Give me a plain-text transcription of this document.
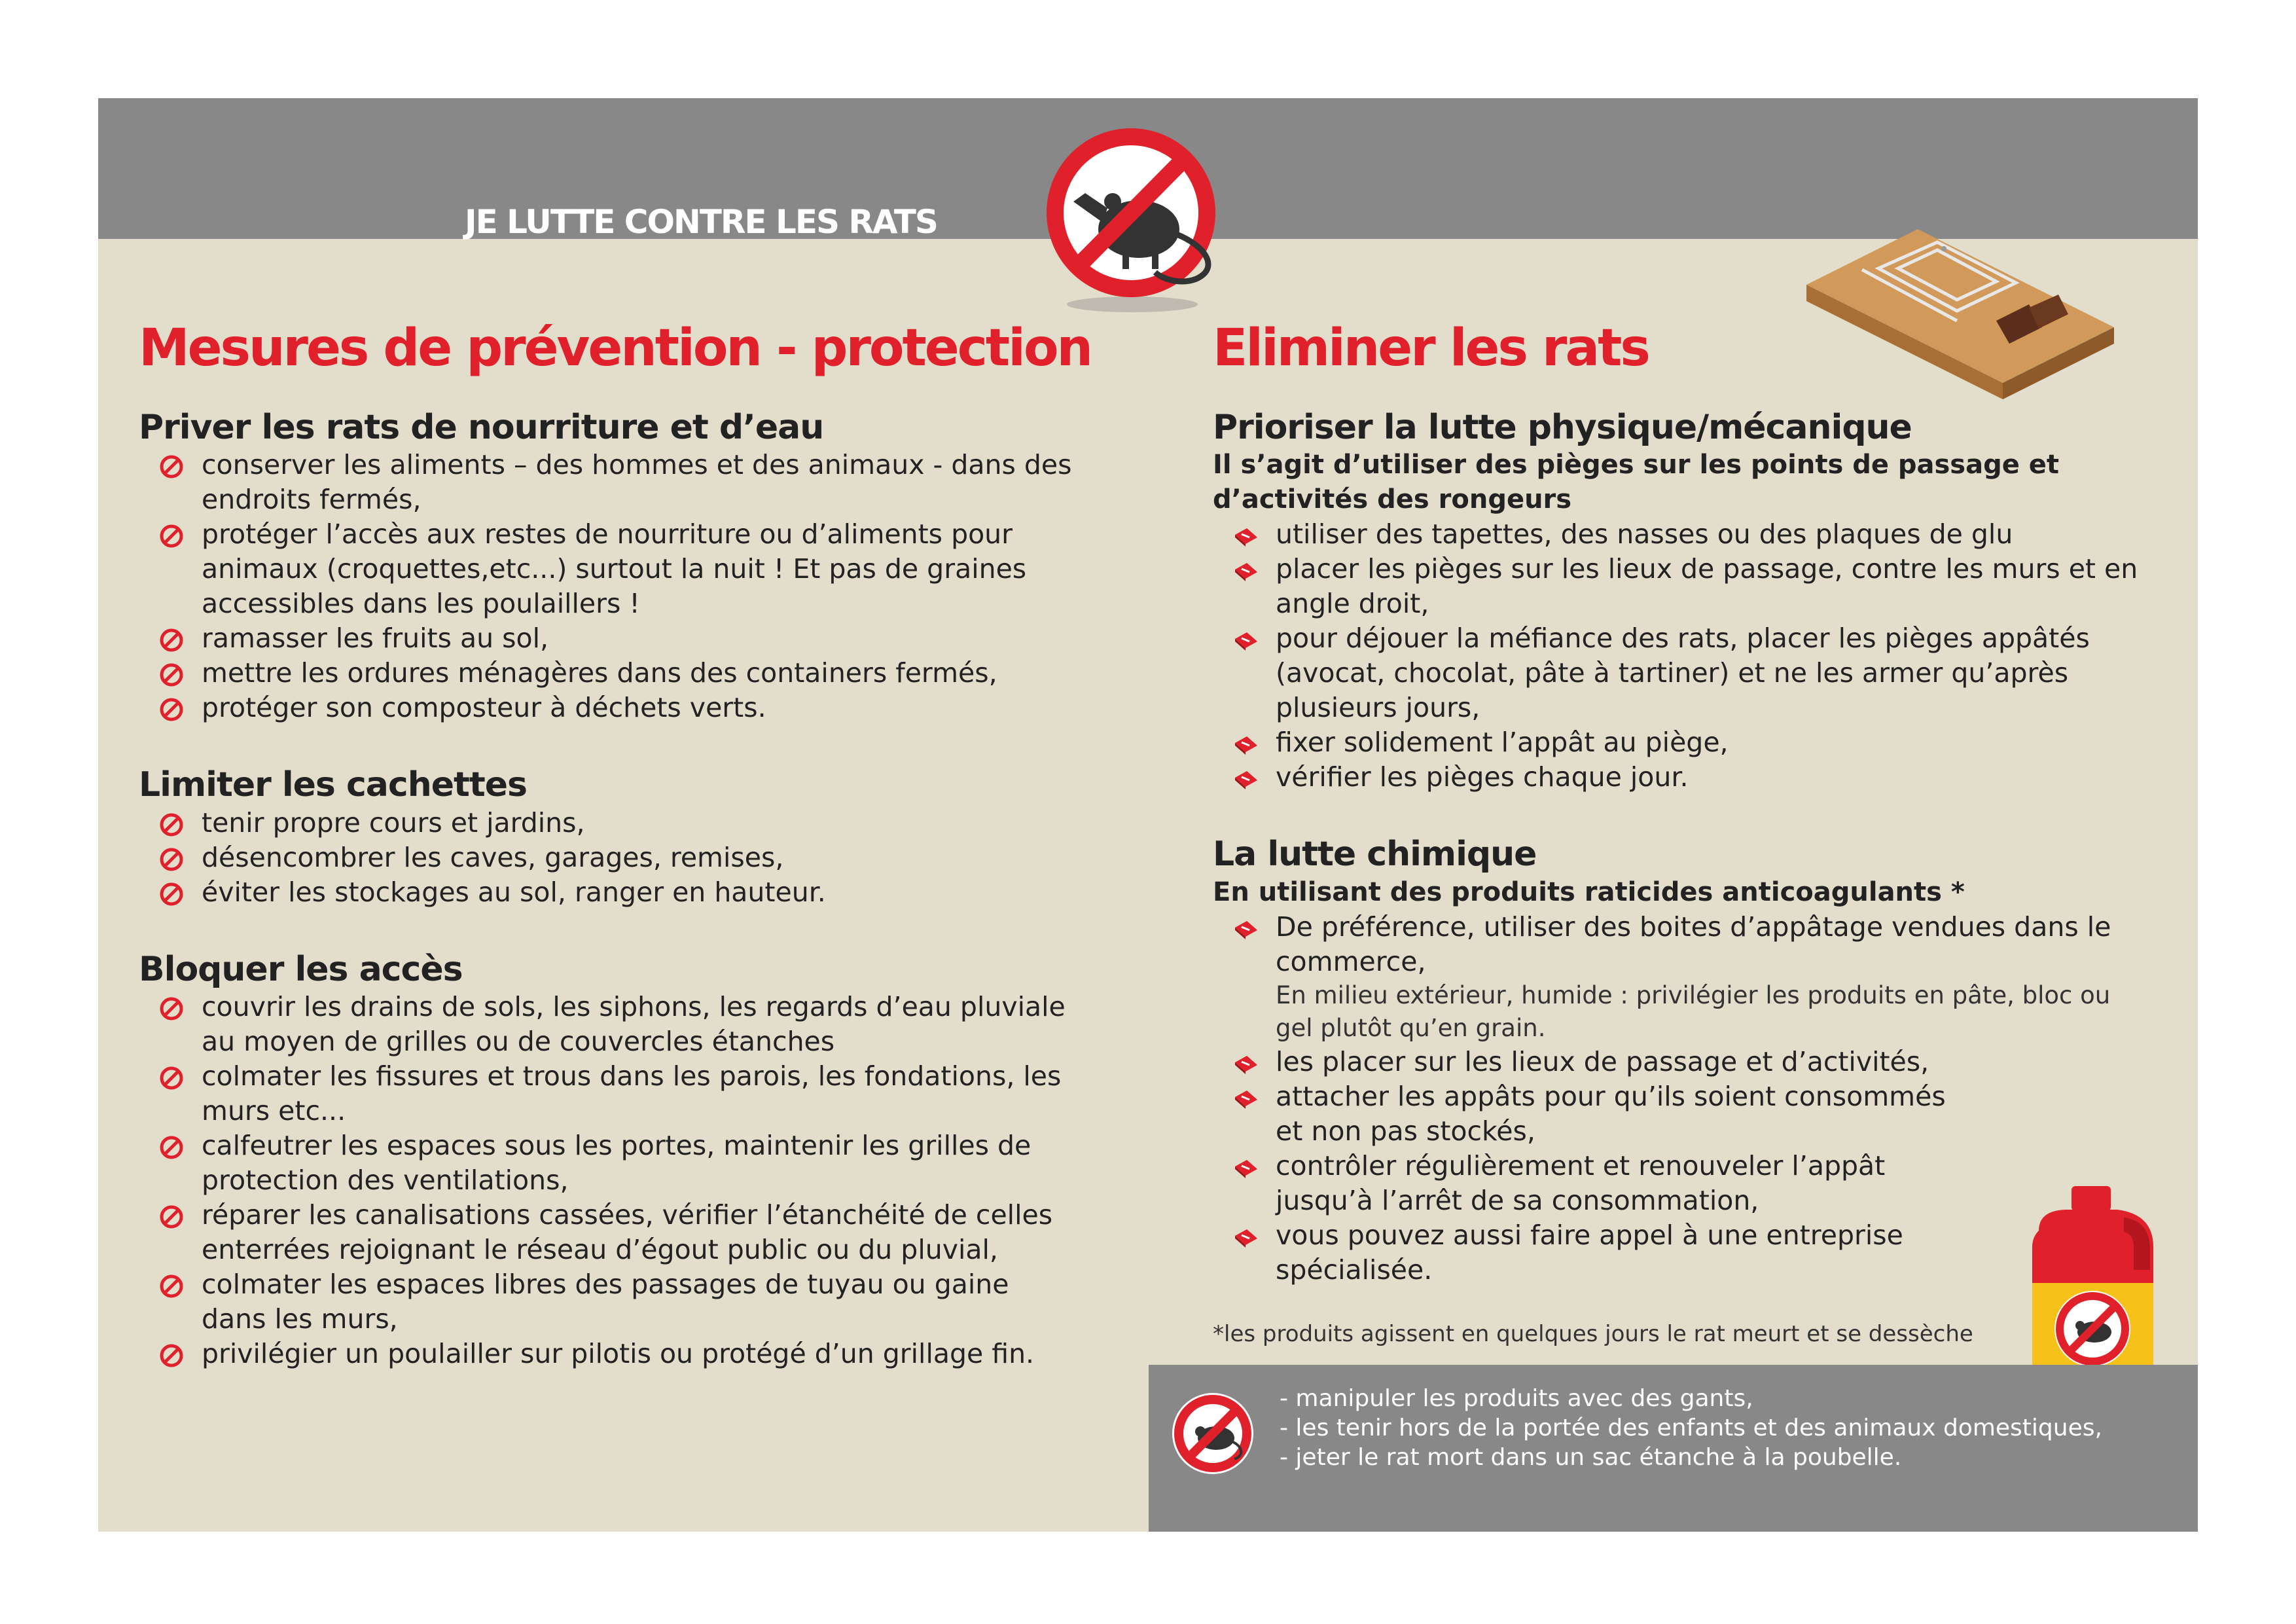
JE LUTTE CONTRE LES RATS
Mesures de prévention - protection
Priver les rats de nourriture et d’eau
conserver les aliments – des hommes et des animaux - dans des endroits fermés,
protéger l’accès aux restes de nourriture ou d’aliments pour animaux (croquettes,etc...) surtout la nuit ! Et pas de graines accessibles dans les poulaillers !
ramasser les fruits au sol,
mettre les ordures ménagères dans des containers fermés,
protéger son composteur à déchets verts.
Limiter les cachettes
tenir propre cours et jardins,
désencombrer les caves, garages, remises,
éviter les stockages au sol, ranger en hauteur.
Bloquer les accès
couvrir les drains de sols, les siphons, les regards d’eau pluviale au moyen de grilles ou de couvercles étanches
colmater les fissures et trous dans les parois, les fondations, les murs etc...
calfeutrer les espaces sous les portes, maintenir les grilles de protection des ventilations,
réparer les canalisations cassées, vérifier l’étanchéité de celles enterrées rejoignant le réseau d’égout public ou du pluvial,
colmater les espaces libres des passages de tuyau ou gaine dans les murs,
privilégier un poulailler sur pilotis ou protégé d’un grillage fin.
Eliminer les rats
Prioriser la lutte physique/mécanique

Il s’agit d’utiliser des pièges sur les points de passage et d’activités des rongeurs

utiliser des tapettes, des nasses ou des plaques de glu
placer les pièges sur les lieux de passage, contre les murs et en angle droit,
pour déjouer la méfiance des rats, placer les pièges appâtés (avocat, chocolat, pâte à tartiner) et ne les armer qu’après plusieurs jours,
fixer solidement l’appât au piège,
vérifier les pièges chaque jour.
La lutte chimique

En utilisant des produits raticides anticoagulants *

De préférence, utiliser des boites d’appâtage vendues dans le commerce,
En milieu extérieur, humide : privilégier les produits en pâte, bloc ou gel plutôt qu’en grain.
les placer sur les lieux de passage et d’activités,
attacher les appâts pour qu’ils soient consommés et non pas stockés,
contrôler régulièrement et renouveler l’appât jusqu’à l’arrêt de sa consommation,
vous pouvez aussi faire appel à une entreprise spécialisée.
*les produits agissent en quelques jours le rat meurt et se dessèche
- manipuler les produits avec des gants,
- les tenir hors de la portée des enfants et des animaux domestiques,
- jeter le rat mort dans un sac étanche à la poubelle.
